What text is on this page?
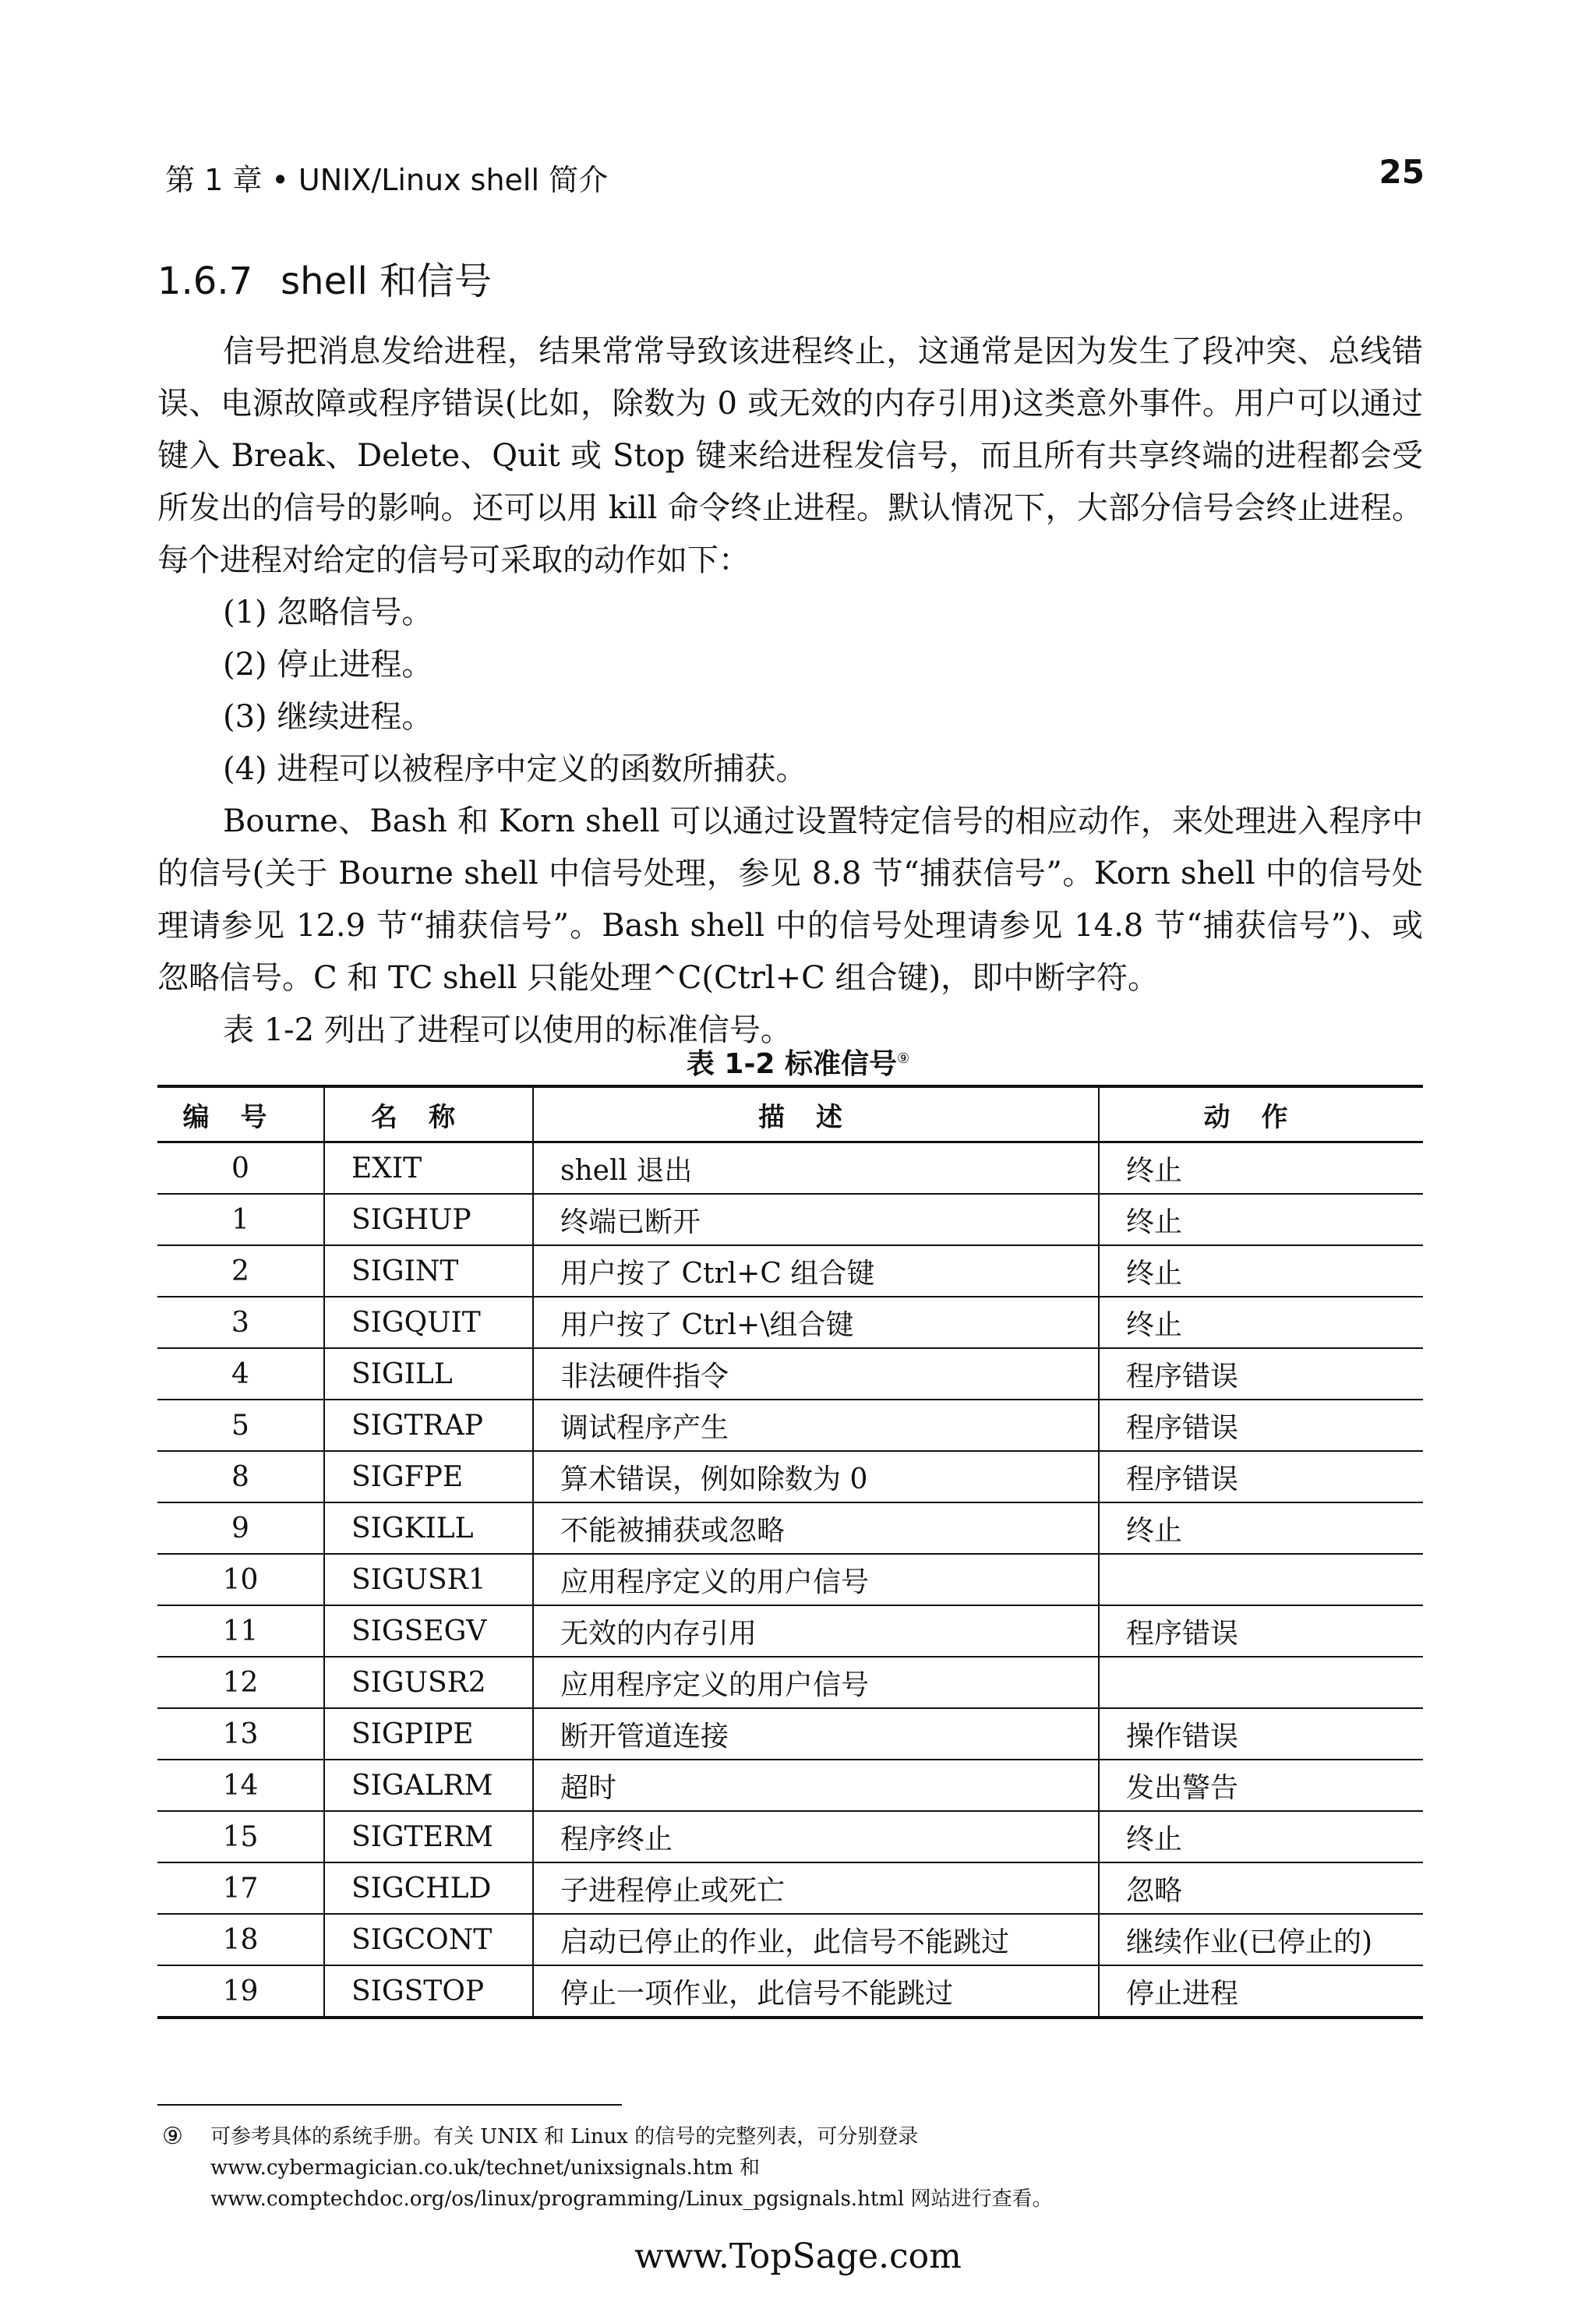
第 1 章 • UNIX/Linux shell 简介	25
1.6.7 shell 和信号

信号把消息发给进程，结果常常导致该进程终止，这通常是因为发生了段冲突、总线错误、电源故障或程序错误(比如，除数为 0 或无效的内存引用)这类意外事件。用户可以通过键入 Break、Delete、Quit 或 Stop 键来给进程发信号，而且所有共享终端的进程都会受所发出的信号的影响。还可以用 kill 命令终止进程。默认情况下，大部分信号会终止进程。每个进程对给定的信号可采取的动作如下：

(1) 忽略信号。
(2) 停止进程。
(3) 继续进程。
(4) 进程可以被程序中定义的函数所捕获。

Bourne、Bash 和 Korn shell 可以通过设置特定信号的相应动作，来处理进入程序中的信号(关于 Bourne shell 中信号处理，参见 8.8 节“捕获信号”。Korn shell 中的信号处理请参见 12.9 节“捕获信号”。Bash shell 中的信号处理请参见 14.8 节“捕获信号”)、或忽略信号。C 和 TC shell 只能处理^C(Ctrl+C 组合键)，即中断字符。

表 1-2 列出了进程可以使用的标准信号。

表 1-2 标准信号⑨
编号	名称	描述	动作
0	EXIT	shell 退出	终止
1	SIGHUP	终端已断开	终止
2	SIGINT	用户按了 Ctrl+C 组合键	终止
3	SIGQUIT	用户按了 Ctrl+\组合键	终止
4	SIGILL	非法硬件指令	程序错误
5	SIGTRAP	调试程序产生	程序错误
8	SIGFPE	算术错误，例如除数为 0	程序错误
9	SIGKILL	不能被捕获或忽略	终止
10	SIGUSR1	应用程序定义的用户信号	
11	SIGSEGV	无效的内存引用	程序错误
12	SIGUSR2	应用程序定义的用户信号	
13	SIGPIPE	断开管道连接	操作错误
14	SIGALRM	超时	发出警告
15	SIGTERM	程序终止	终止
17	SIGCHLD	子进程停止或死亡	忽略
18	SIGCONT	启动已停止的作业，此信号不能跳过	继续作业(已停止的)
19	SIGSTOP	停止一项作业，此信号不能跳过	停止进程
⑨ 可参考具体的系统手册。有关 UNIX 和 Linux 的信号的完整列表，可分别登录 www.cybermagician.co.uk/technet/unixsignals.htm 和 www.comptechdoc.org/os/linux/programming/Linux_pgsignals.html 网站进行查看。
www.TopSage.com
